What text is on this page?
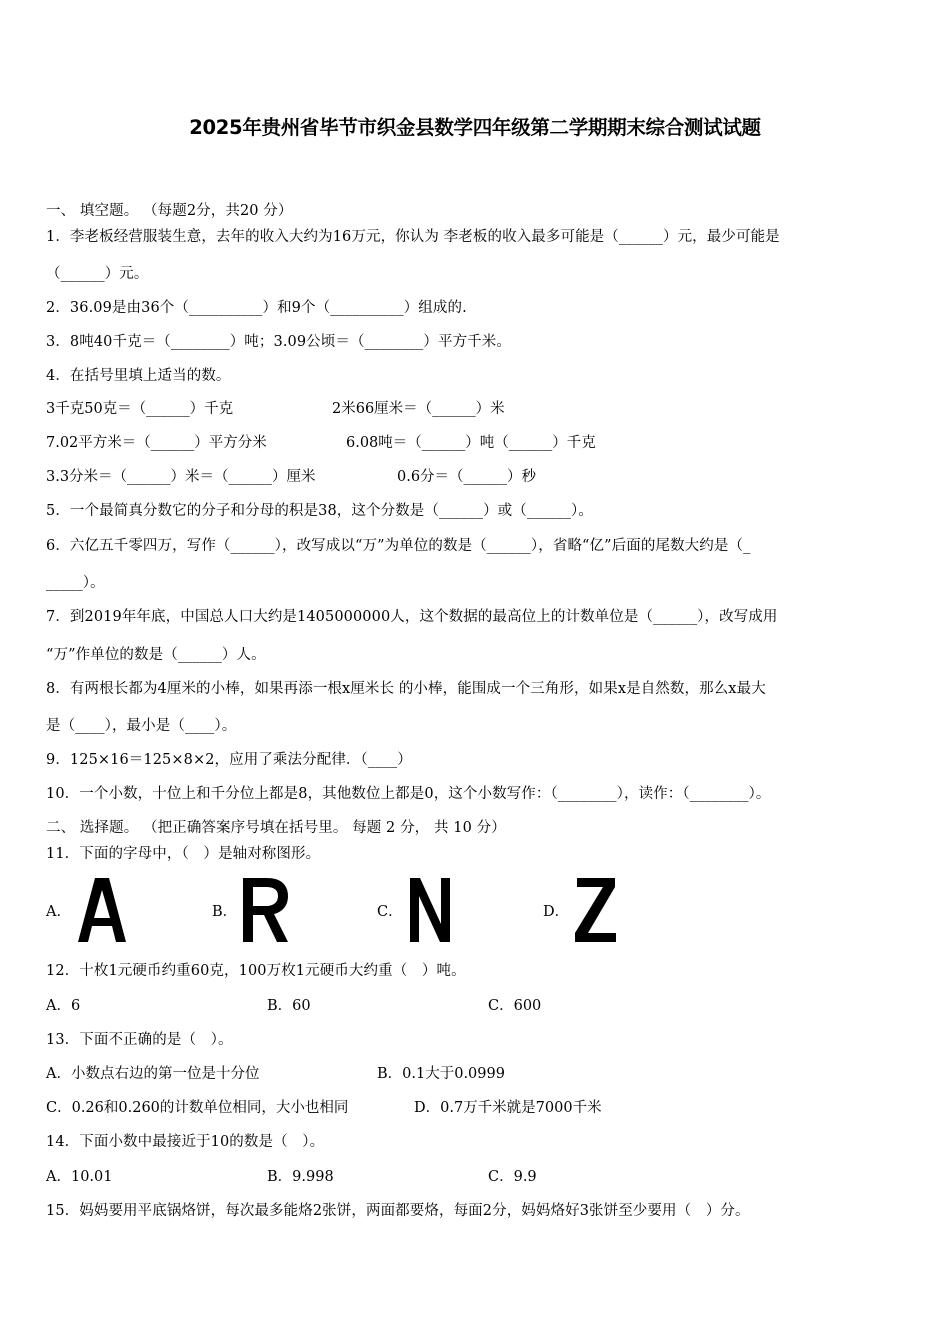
2025年贵州省毕节市织金县数学四年级第二学期期末综合测试试题
一、 填空题。 （每题2分，共20 分）
1．李老板经营服装生意，去年的收入大约为16万元，你认为 李老板的收入最多可能是（______）元，最少可能是
（______）元。
2．36.09是由36个（__________）和9个（__________）组成的.
3．8吨40千克＝（________）吨；3.09公顷＝（________）平方千米。
4．在括号里填上适当的数。
3千克50克＝（______）千克	2米66厘米＝（______）米
7.02平方米＝（______）平方分米	6.08吨＝（______）吨（______）千克
3.3分米＝（______）米＝（______）厘米	0.6分＝（______）秒
5．一个最简真分数它的分子和分母的积是38，这个分数是（______）或（______）。
6．六亿五千零四万，写作（______），改写成以“万”为单位的数是（______），省略“亿”后面的尾数大约是（_
_____）。
7．到2019年年底，中国总人口大约是1405000000人，这个数据的最高位上的计数单位是（______），改写成用
“万”作单位的数是（______）人。
8．有两根长都为4厘米的小棒，如果再添一根x厘米长 的小棒，能围成一个三角形，如果x是自然数，那么x最大
是（____），最小是（____）。
9．125×16＝125×8×2，应用了乘法分配律．（____）
10．一个小数，十位上和千分位上都是8，其他数位上都是0，这个小数写作：（________），读作：（________）。
二、 选择题。 （把正确答案序号填在括号里。 每题 2 分， 共 10 分）
11．下面的字母中，（　）是轴对称图形。
A．	B．	C．	D．
12．十枚1元硬币约重60克，100万枚1元硬币大约重（　）吨。
A．6	B．60	C．600
13．下面不正确的是（　）。
A．小数点右边的第一位是十分位	B．0.1大于0.0999
C．0.26和0.260的计数单位相同，大小也相同	D．0.7万千米就是7000千米
14．下面小数中最接近于10的数是（　）。
A．10.01	B．9.998	C．9.9
15．妈妈要用平底锅烙饼，每次最多能烙2张饼，两面都要烙，每面2分，妈妈烙好3张饼至少要用（　）分。
